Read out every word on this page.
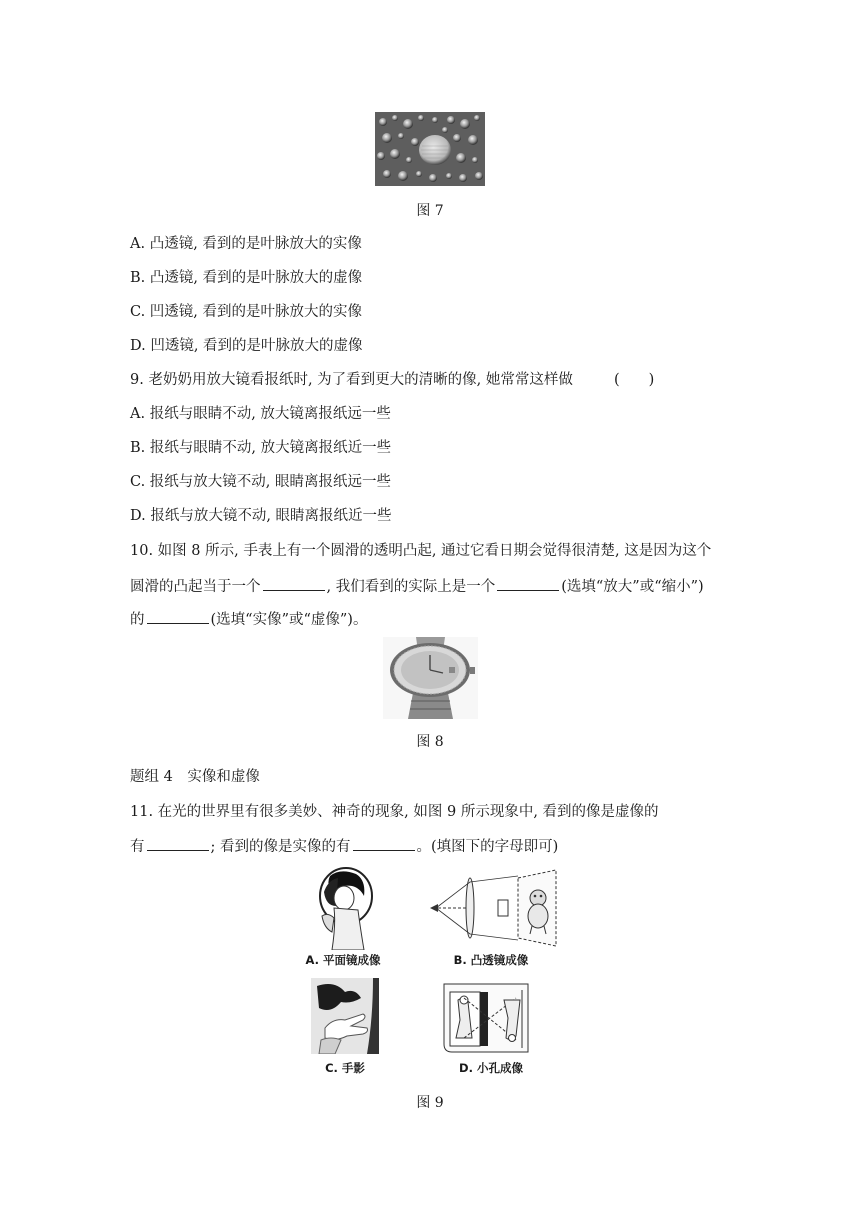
图 7
A. 凸透镜, 看到的是叶脉放大的实像
B. 凸透镜, 看到的是叶脉放大的虚像
C. 凹透镜, 看到的是叶脉放大的实像
D. 凹透镜, 看到的是叶脉放大的虚像
9. 老奶奶用放大镜看报纸时, 为了看到更大的清晰的像, 她常常这样做	(　　)
A. 报纸与眼睛不动, 放大镜离报纸远一些
B. 报纸与眼睛不动, 放大镜离报纸近一些
C. 报纸与放大镜不动, 眼睛离报纸远一些
D. 报纸与放大镜不动, 眼睛离报纸近一些
10. 如图 8 所示, 手表上有一个圆滑的透明凸起, 通过它看日期会觉得很清楚, 这是因为这个
圆滑的凸起当于一个	, 我们看到的实际上是一个	(选填“放大”或“缩小”)
的	(选填“实像”或“虚像”)。
图 8
题组 4　实像和虚像
11. 在光的世界里有很多美妙、神奇的现象, 如图 9 所示现象中, 看到的像是虚像的
有	; 看到的像是实像的有	。(填图下的字母即可)
A. 平面镜成像	B. 凸透镜成像
C. 手影	D. 小孔成像
图 9
